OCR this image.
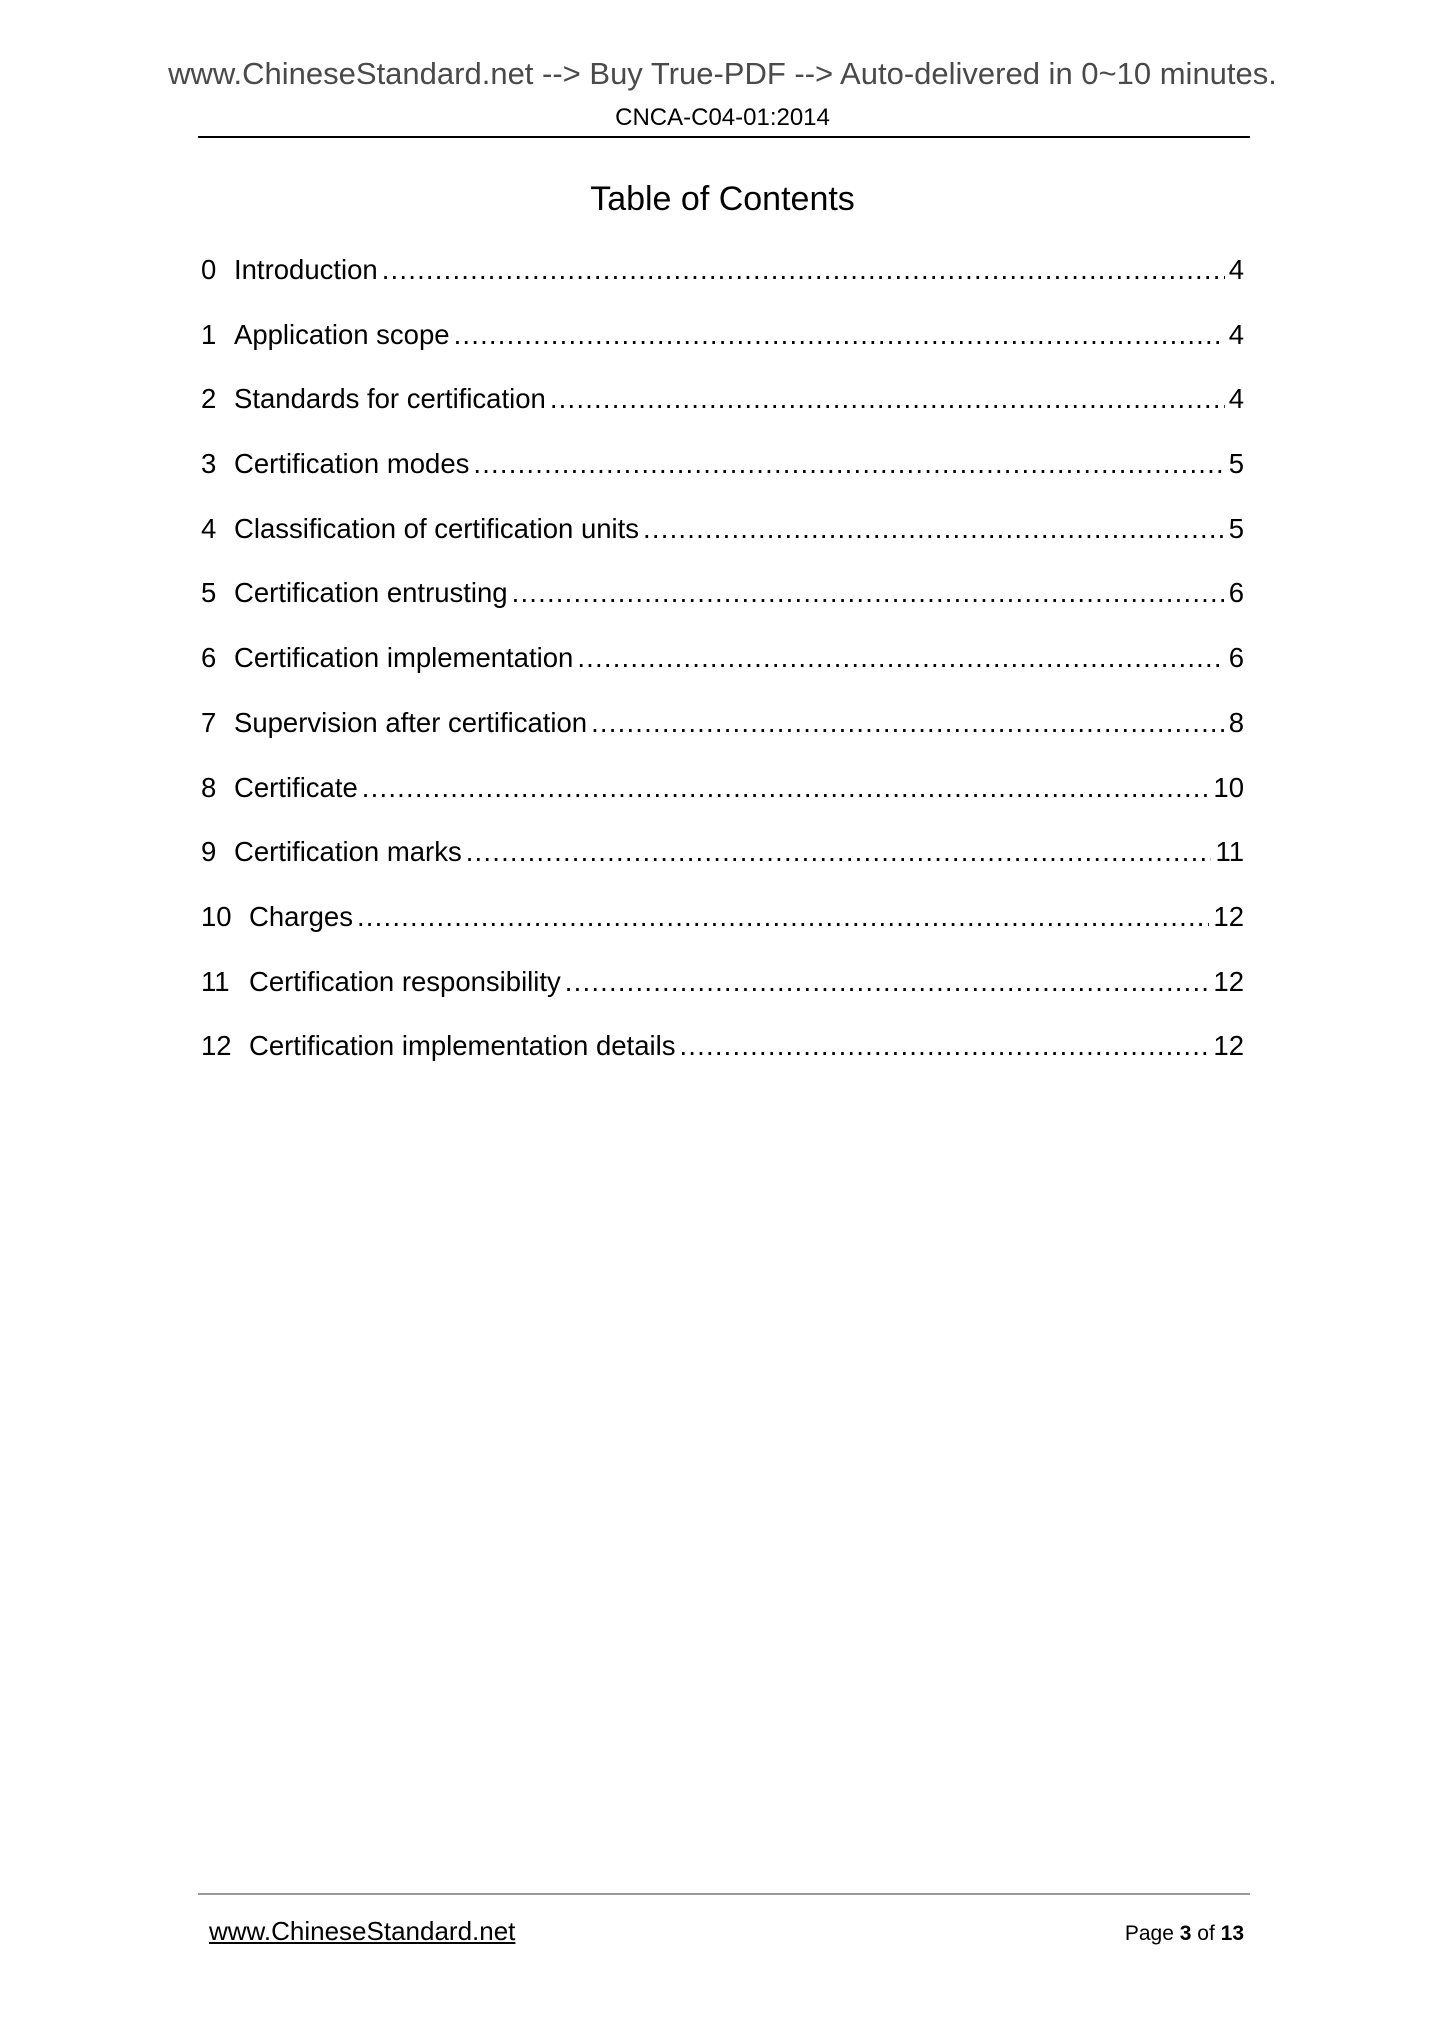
www.ChineseStandard.net --> Buy True-PDF --> Auto-delivered in 0~10 minutes.
CNCA-C04-01:2014
Table of Contents
0 Introduction .....	4
1 Application scope .....	4
2 Standards for certification .....	4
3 Certification modes .....	5
4 Classification of certification units .....	5
5 Certification entrusting .....	6
6 Certification implementation .....	6
7 Supervision after certification .....	8
8 Certificate .....	10
9 Certification marks .....	11
10 Charges .....	12
11 Certification responsibility .....	12
12 Certification implementation details .....	12
www.ChineseStandard.net	Page 3 of 13
